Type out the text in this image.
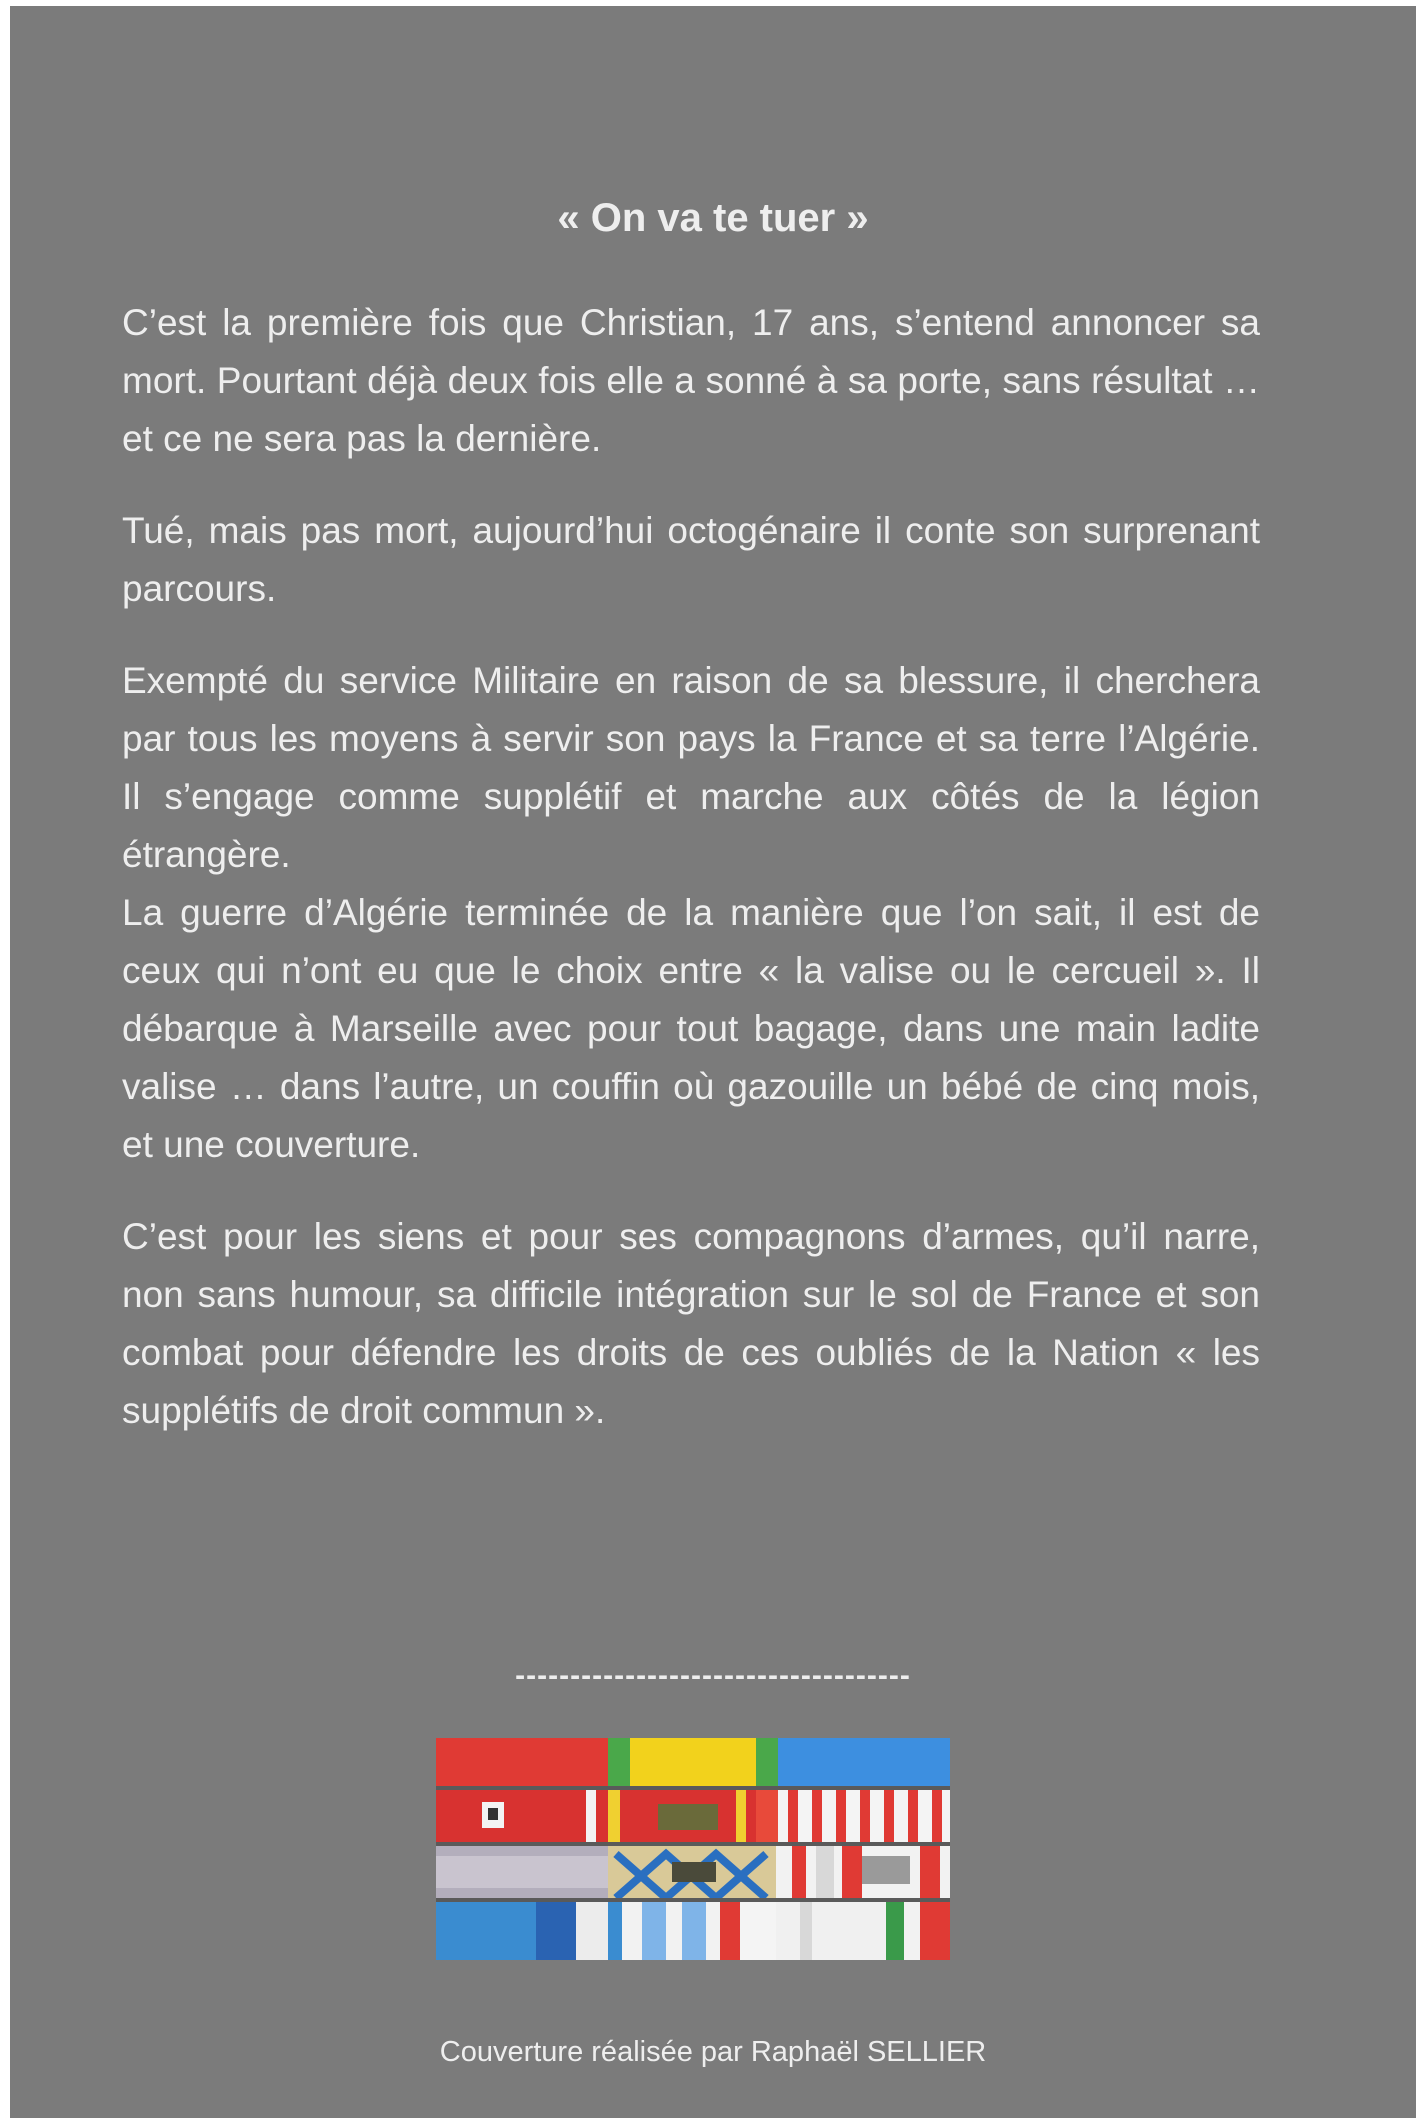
« On va te tuer »

C’est la première fois que Christian, 17 ans, s’entend annoncer sa mort. Pourtant déjà deux fois elle a sonné à sa porte, sans résultat … et ce ne sera pas la dernière.

Tué, mais pas mort, aujourd’hui octogénaire il conte son surprenant parcours.

Exempté du service Militaire en raison de sa blessure, il cherchera par tous les moyens à servir son pays la France et sa terre l’Algérie. Il s’engage comme supplétif et marche aux côtés de la légion étrangère.

La guerre d’Algérie terminée de la manière que l’on sait, il est de ceux qui n’ont eu que le choix entre « la valise ou le cercueil ». Il débarque à Marseille avec pour tout bagage, dans une main ladite valise … dans l’autre, un couffin où gazouille un bébé de cinq mois, et une couverture.

C’est pour les siens et pour ses compagnons d’armes, qu’il narre, non sans humour, sa difficile intégration sur le sol de France et son combat pour défendre les droits de ces oubliés de la Nation « les supplétifs de droit commun ».

------------------------------------
Couverture réalisée par Raphaël SELLIER
